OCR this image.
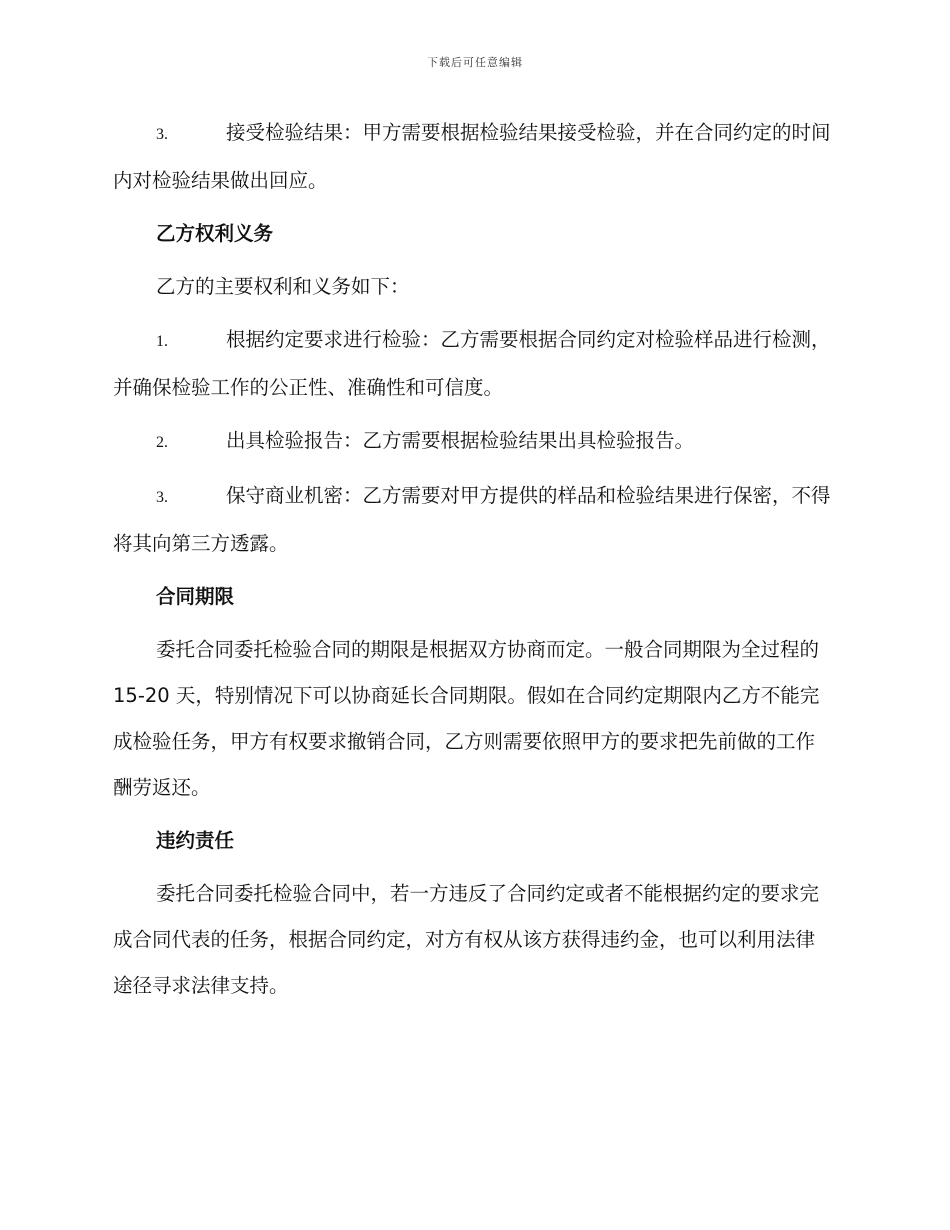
下载后可任意编辑

3.	接受检验结果：甲方需要根据检验结果接受检验，并在合同约定的时间内对检验结果做出回应。

乙方权利义务

乙方的主要权利和义务如下：

1.	根据约定要求进行检验：乙方需要根据合同约定对检验样品进行检测，并确保检验工作的公正性、准确性和可信度。

2.	出具检验报告：乙方需要根据检验结果出具检验报告。

3.	保守商业机密：乙方需要对甲方提供的样品和检验结果进行保密，不得将其向第三方透露。

合同期限

委托合同委托检验合同的期限是根据双方协商而定。一般合同期限为全过程的 15-20 天，特别情况下可以协商延长合同期限。假如在合同约定期限内乙方不能完成检验任务，甲方有权要求撤销合同，乙方则需要依照甲方的要求把先前做的工作酬劳返还。

违约责任

委托合同委托检验合同中，若一方违反了合同约定或者不能根据约定的要求完成合同代表的任务，根据合同约定，对方有权从该方获得违约金，也可以利用法律途径寻求法律支持。
